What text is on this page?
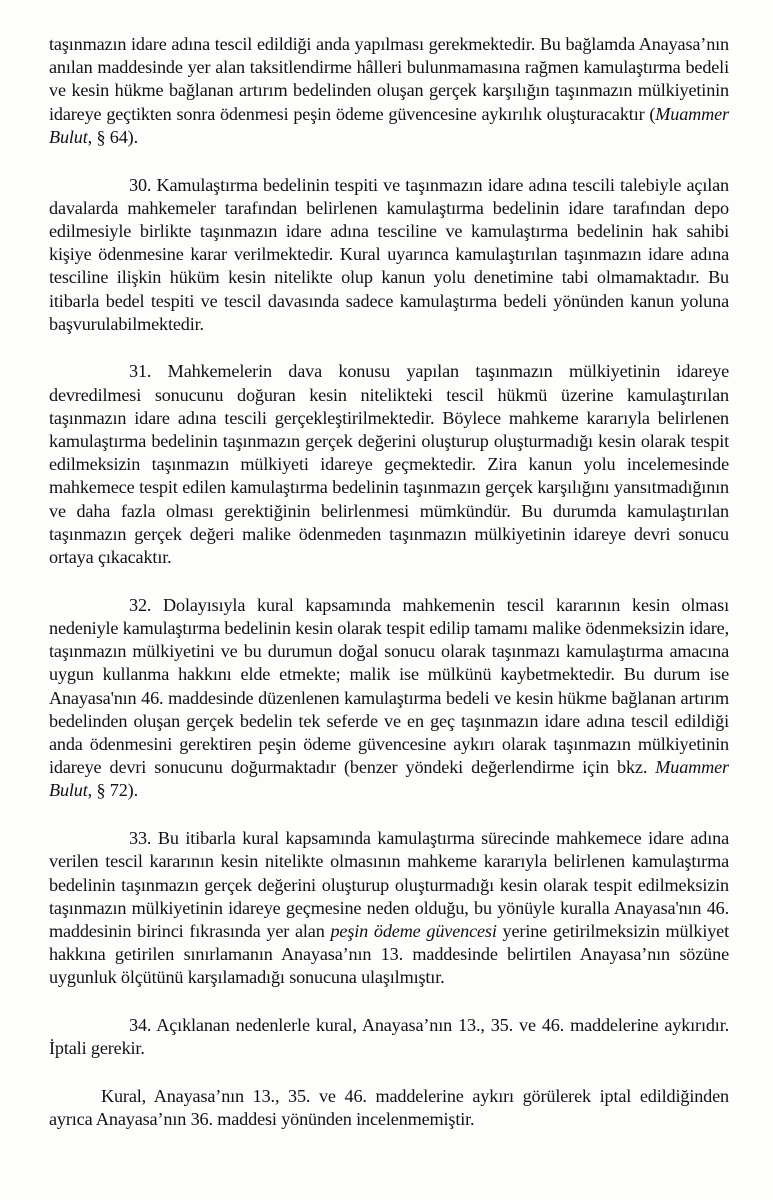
taşınmazın idare adına tescil edildiği anda yapılması gerekmektedir. Bu bağlamda Anayasa’nın anılan maddesinde yer alan taksitlendirme hâlleri bulunmamasına rağmen kamulaştırma bedeli ve kesin hükme bağlanan artırım bedelinden oluşan gerçek karşılığın taşınmazın mülkiyetinin idareye geçtikten sonra ödenmesi peşin ödeme güvencesine aykırılık oluşturacaktır (Muammer Bulut, § 64).

30. Kamulaştırma bedelinin tespiti ve taşınmazın idare adına tescili talebiyle açılan davalarda mahkemeler tarafından belirlenen kamulaştırma bedelinin idare tarafından depo edilmesiyle birlikte taşınmazın idare adına tesciline ve kamulaştırma bedelinin hak sahibi kişiye ödenmesine karar verilmektedir. Kural uyarınca kamulaştırılan taşınmazın idare adına tesciline ilişkin hüküm kesin nitelikte olup kanun yolu denetimine tabi olmamaktadır. Bu itibarla bedel tespiti ve tescil davasında sadece kamulaştırma bedeli yönünden kanun yoluna başvurulabilmektedir.

31. Mahkemelerin dava konusu yapılan taşınmazın mülkiyetinin idareye devredilmesi sonucunu doğuran kesin nitelikteki tescil hükmü üzerine kamulaştırılan taşınmazın idare adına tescili gerçekleştirilmektedir. Böylece mahkeme kararıyla belirlenen kamulaştırma bedelinin taşınmazın gerçek değerini oluşturup oluşturmadığı kesin olarak tespit edilmeksizin taşınmazın mülkiyeti idareye geçmektedir. Zira kanun yolu incelemesinde mahkemece tespit edilen kamulaştırma bedelinin taşınmazın gerçek karşılığını yansıtmadığının ve daha fazla olması gerektiğinin belirlenmesi mümkündür. Bu durumda kamulaştırılan taşınmazın gerçek değeri malike ödenmeden taşınmazın mülkiyetinin idareye devri sonucu ortaya çıkacaktır.

32. Dolayısıyla kural kapsamında mahkemenin tescil kararının kesin olması nedeniyle kamulaştırma bedelinin kesin olarak tespit edilip tamamı malike ödenmeksizin idare, taşınmazın mülkiyetini ve bu durumun doğal sonucu olarak taşınmazı kamulaştırma amacına uygun kullanma hakkını elde etmekte; malik ise mülkünü kaybetmektedir. Bu durum ise Anayasa'nın 46. maddesinde düzenlenen kamulaştırma bedeli ve kesin hükme bağlanan artırım bedelinden oluşan gerçek bedelin tek seferde ve en geç taşınmazın idare adına tescil edildiği anda ödenmesini gerektiren peşin ödeme güvencesine aykırı olarak taşınmazın mülkiyetinin idareye devri sonucunu doğurmaktadır (benzer yöndeki değerlendirme için bkz. Muammer Bulut, § 72).

33. Bu itibarla kural kapsamında kamulaştırma sürecinde mahkemece idare adına verilen tescil kararının kesin nitelikte olmasının mahkeme kararıyla belirlenen kamulaştırma bedelinin taşınmazın gerçek değerini oluşturup oluşturmadığı kesin olarak tespit edilmeksizin taşınmazın mülkiyetinin idareye geçmesine neden olduğu, bu yönüyle kuralla Anayasa'nın 46. maddesinin birinci fıkrasında yer alan peşin ödeme güvencesi yerine getirilmeksizin mülkiyet hakkına getirilen sınırlamanın Anayasa’nın 13. maddesinde belirtilen Anayasa’nın sözüne uygunluk ölçütünü karşılamadığı sonucuna ulaşılmıştır.

34. Açıklanan nedenlerle kural, Anayasa’nın 13., 35. ve 46. maddelerine aykırıdır. İptali gerekir.

Kural, Anayasa’nın 13., 35. ve 46. maddelerine aykırı görülerek iptal edildiğinden ayrıca Anayasa’nın 36. maddesi yönünden incelenmemiştir.
